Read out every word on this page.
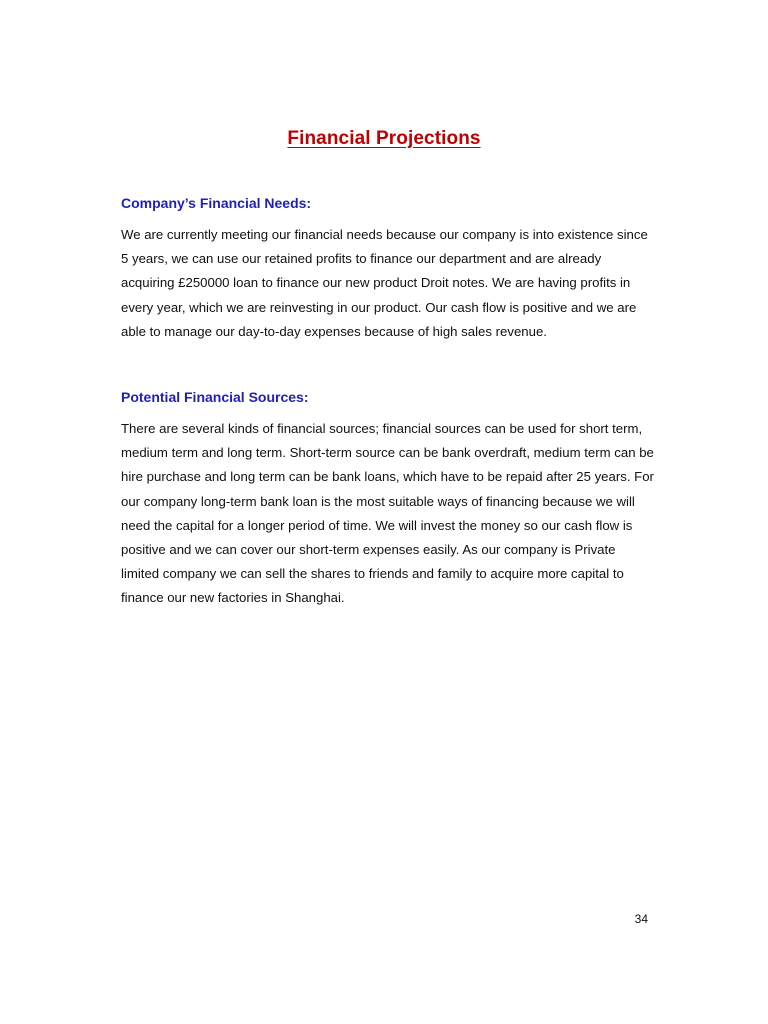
Financial Projections
Company’s Financial Needs:

We are currently meeting our financial needs because our company is into existence since 5 years, we can use our retained profits to finance our department and are already acquiring £250000 loan to finance our new product Droit notes. We are having profits in every year, which we are reinvesting in our product. Our cash flow is positive and we are able to manage our day-to-day expenses because of high sales revenue.

Potential Financial Sources:

There are several kinds of financial sources; financial sources can be used for short term, medium term and long term. Short-term source can be bank overdraft, medium term can be hire purchase and long term can be bank loans, which have to be repaid after 25 years. For our company long-term bank loan is the most suitable ways of financing because we will need the capital for a longer period of time. We will invest the money so our cash flow is positive and we can cover our short-term expenses easily. As our company is Private limited company we can sell the shares to friends and family to acquire more capital to finance our new factories in Shanghai.

34
